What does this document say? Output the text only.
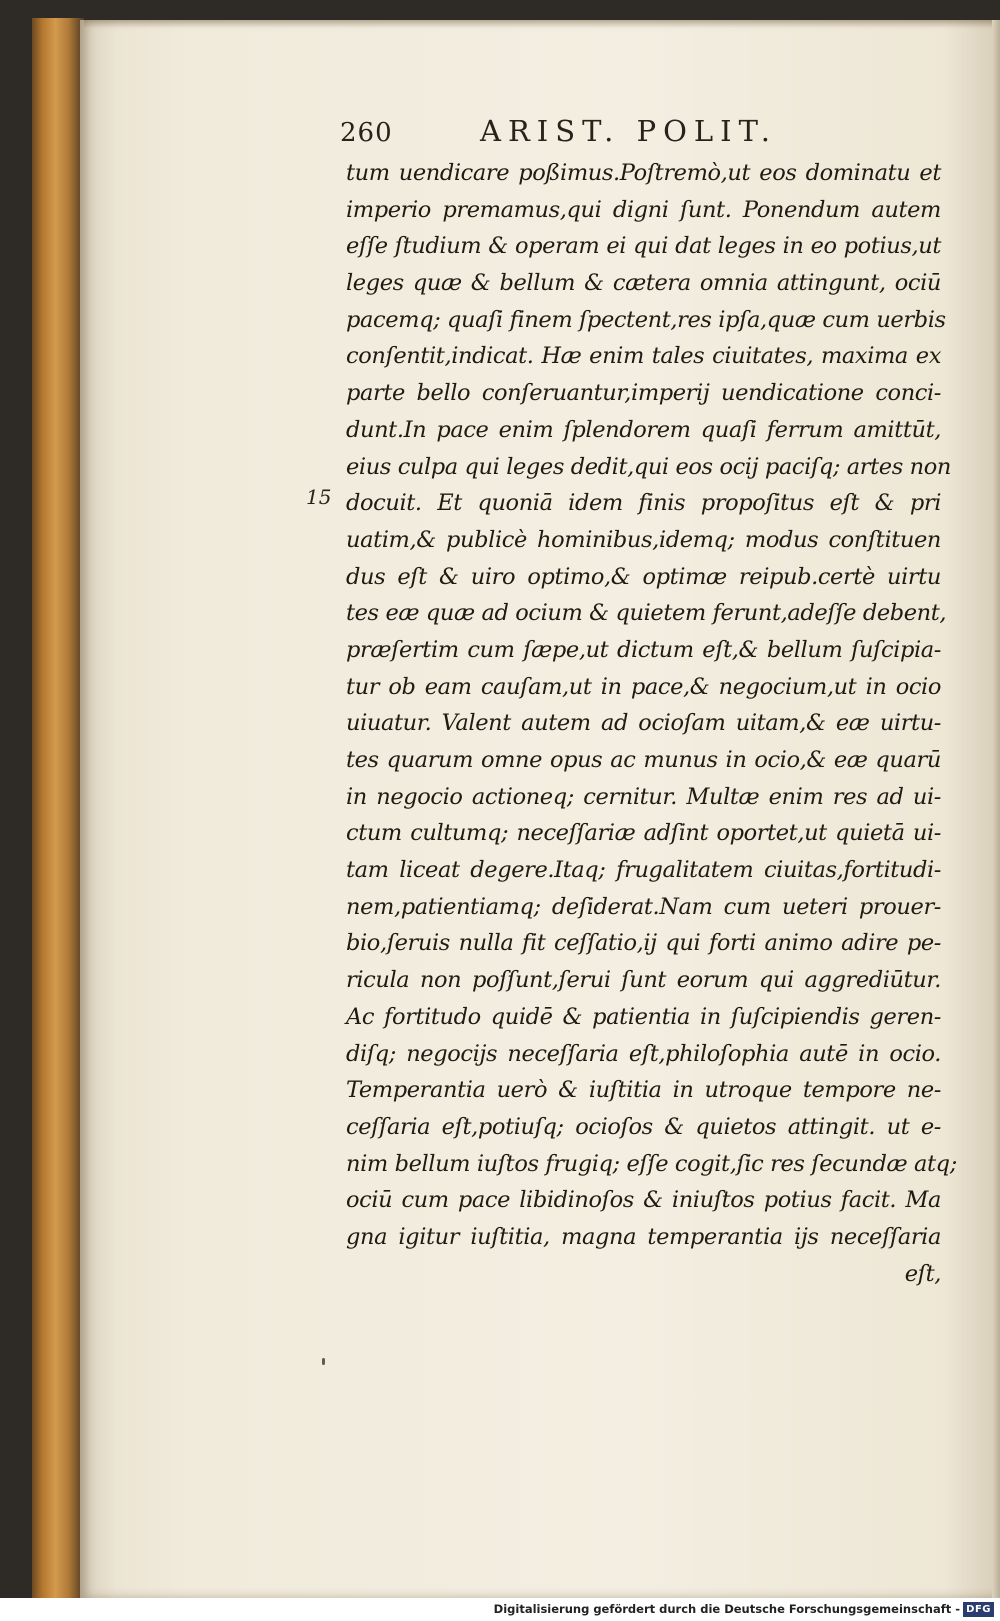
260	ARIST. POLIT.
15
tum uendicare poßimus.Poſtremò,ut eos dominatu et
imperio premamus,qui digni ſunt. Ponendum autem
eſſe ſtudium & operam ei qui dat leges in eo potius,ut
leges quæ & bellum & cætera omnia attingunt, ociū
pacemq; quaſi finem ſpectent,res ipſa,quæ cum uerbis
conſentit,indicat. Hæ enim tales ciuitates, maxima ex
parte bello conſeruantur,imperij uendicatione conci-
dunt.In pace enim ſplendorem quaſi ferrum amittūt,
eius culpa qui leges dedit,qui eos ocij paciſq; artes non
docuit. Et quoniā idem finis propoſitus eſt & pri
uatim,& publicè hominibus,idemq; modus conſtituen
dus eſt & uiro optimo,& optimæ reipub.certè uirtu
tes eæ quæ ad ocium & quietem ferunt,adeſſe debent,
præſertim cum ſæpe,ut dictum eſt,& bellum ſuſcipia-
tur ob eam cauſam,ut in pace,& negocium,ut in ocio
uiuatur. Valent autem ad ocioſam uitam,& eæ uirtu-
tes quarum omne opus ac munus in ocio,& eæ quarū
in negocio actioneq; cernitur. Multæ enim res ad ui-
ctum cultumq; neceſſariæ adſint oportet,ut quietā ui-
tam liceat degere.Itaq; frugalitatem ciuitas,fortitudi-
nem,patientiamq; deſiderat.Nam cum ueteri prouer-
bio,ſeruis nulla fit ceſſatio,ij qui forti animo adire pe-
ricula non poſſunt,ſerui ſunt eorum qui aggrediūtur.
Ac fortitudo quidē & patientia in ſuſcipiendis geren-
diſq; negocijs neceſſaria eſt,philoſophia autē in ocio.
Temperantia uerò & iuſtitia in utroque tempore ne-
ceſſaria eſt,potiuſq; ocioſos & quietos attingit. ut e-
nim bellum iuſtos frugiq; eſſe cogit,ſic res ſecundæ atq;
ociū cum pace libidinoſos & iniuſtos potius facit. Ma
gna igitur iuſtitia, magna temperantia ijs neceſſaria
eſt,
Digitalisierung gefördert durch die Deutsche Forschungsgemeinschaft - DFG
